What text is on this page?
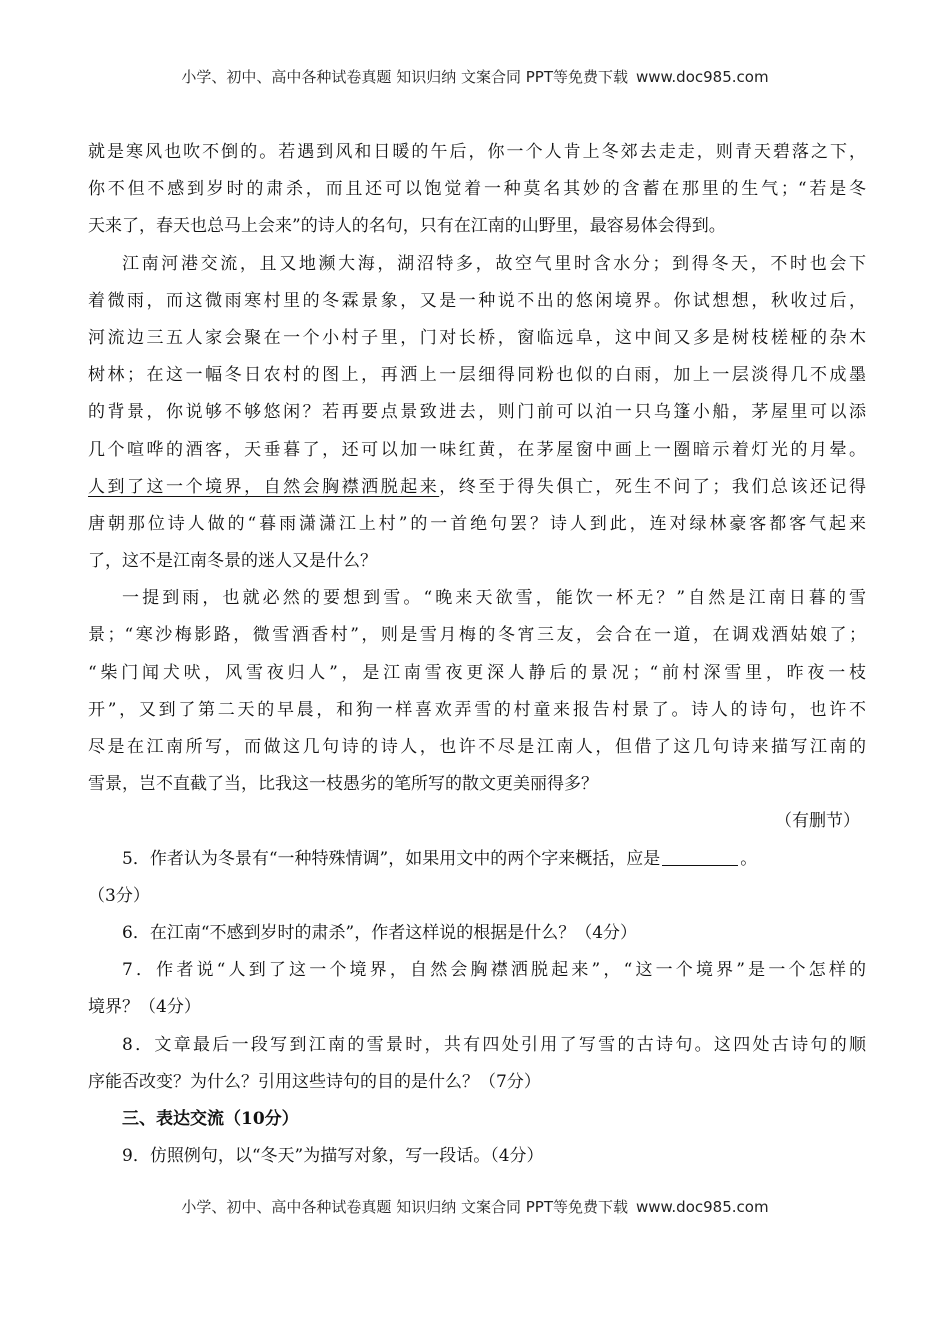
小学、初中、高中各种试卷真题 知识归纳 文案合同 PPT等免费下载 www.doc985.com
就是寒风也吹不倒的。若遇到风和日暖的午后，你一个人肯上冬郊去走走，则青天碧落之下，
你不但不感到岁时的肃杀，而且还可以饱觉着一种莫名其妙的含蓄在那里的生气；“若是冬
天来了，春天也总马上会来”的诗人的名句，只有在江南的山野里，最容易体会得到。
江南河港交流，且又地濒大海，湖沼特多，故空气里时含水分；到得冬天，不时也会下
着微雨，而这微雨寒村里的冬霖景象，又是一种说不出的悠闲境界。你试想想，秋收过后，
河流边三五人家会聚在一个小村子里，门对长桥，窗临远阜，这中间又多是树枝槎桠的杂木
树林；在这一幅冬日农村的图上，再洒上一层细得同粉也似的白雨，加上一层淡得几不成墨
的背景，你说够不够悠闲？若再要点景致进去，则门前可以泊一只乌篷小船，茅屋里可以添
几个喧哗的酒客，天垂暮了，还可以加一味红黄，在茅屋窗中画上一圈暗示着灯光的月晕。
人到了这一个境界，自然会胸襟洒脱起来，终至于得失俱亡，死生不问了；我们总该还记得
唐朝那位诗人做的“暮雨潇潇江上村”的一首绝句罢？诗人到此，连对绿林豪客都客气起来
了，这不是江南冬景的迷人又是什么？
一提到雨，也就必然的要想到雪。“晚来天欲雪，能饮一杯无？”自然是江南日暮的雪
景；“寒沙梅影路，微雪酒香村”，则是雪月梅的冬宵三友，会合在一道，在调戏酒姑娘了；
“柴门闻犬吠，风雪夜归人”，是江南雪夜更深人静后的景况；“前村深雪里，昨夜一枝
开”，又到了第二天的早晨，和狗一样喜欢弄雪的村童来报告村景了。诗人的诗句，也许不
尽是在江南所写，而做这几句诗的诗人，也许不尽是江南人，但借了这几句诗来描写江南的
雪景，岂不直截了当，比我这一枝愚劣的笔所写的散文更美丽得多？
（有删节）
5．作者认为冬景有“一种特殊情调”，如果用文中的两个字来概括，应是	。
（3分）
6．在江南“不感到岁时的肃杀”，作者这样说的根据是什么？（4分）
7．作者说“人到了这一个境界，自然会胸襟洒脱起来”，“这一个境界”是一个怎样的
境界？（4分）
8．文章最后一段写到江南的雪景时，共有四处引用了写雪的古诗句。这四处古诗句的顺
序能否改变？为什么？引用这些诗句的目的是什么？（7分）
三、表达交流（10分）
9．仿照例句，以“冬天”为描写对象，写一段话。（4分）
小学、初中、高中各种试卷真题 知识归纳 文案合同 PPT等免费下载 www.doc985.com
